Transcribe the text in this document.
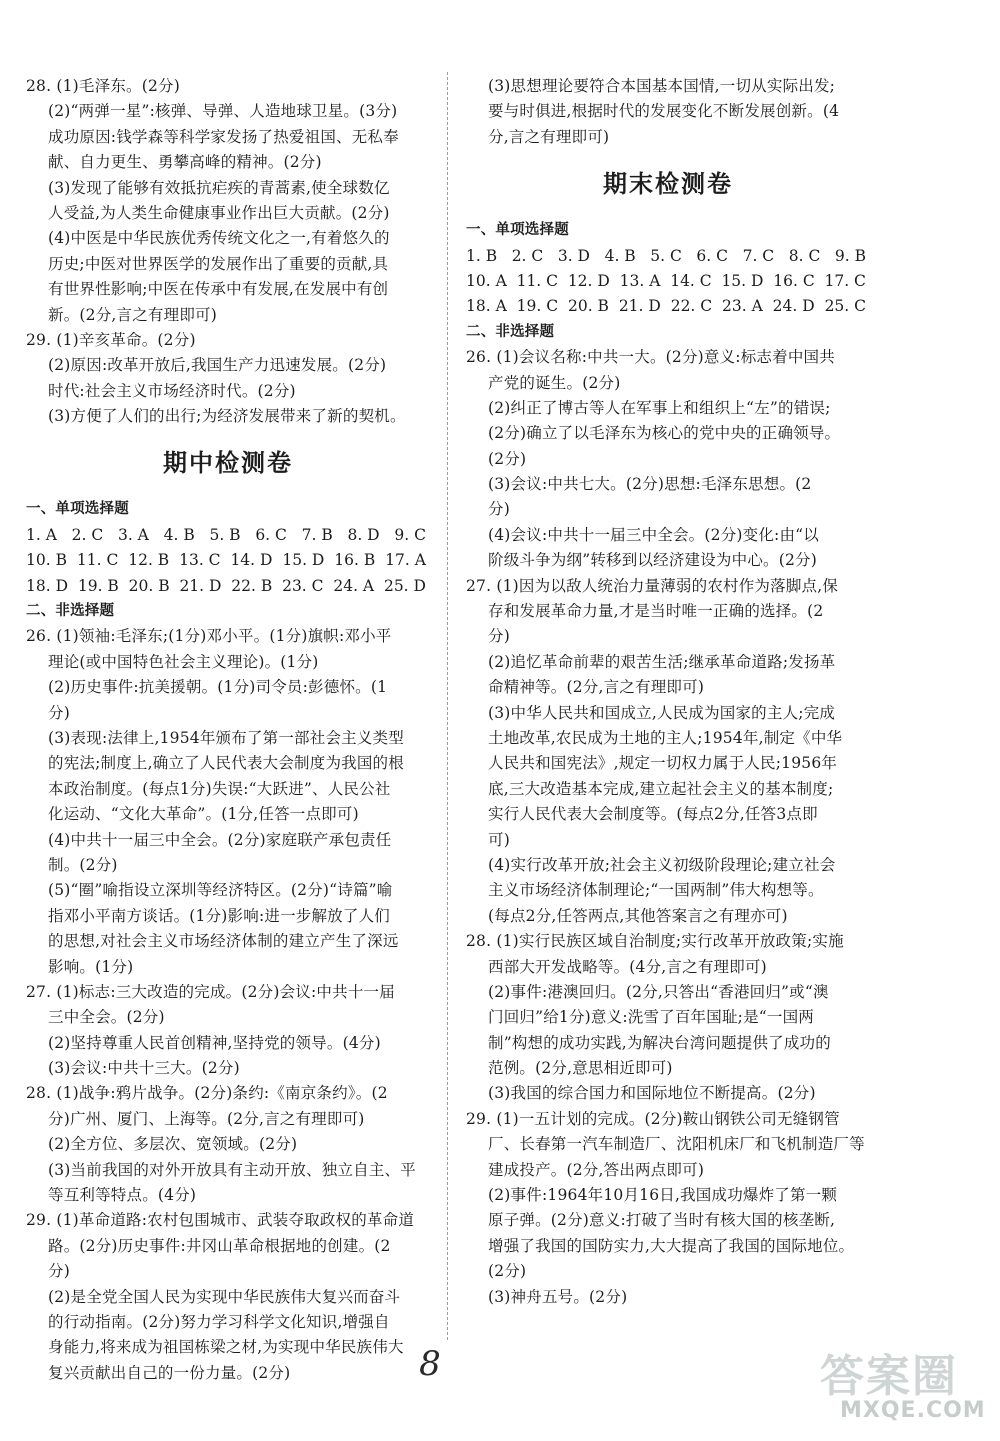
28. (1)毛泽东。(2分)
(2)“两弹一星”:核弹、导弹、人造地球卫星。(3分)
成功原因:钱学森等科学家发扬了热爱祖国、无私奉
献、自力更生、勇攀高峰的精神。(2分)
(3)发现了能够有效抵抗疟疾的青蒿素,使全球数亿
人受益,为人类生命健康事业作出巨大贡献。(2分)
(4)中医是中华民族优秀传统文化之一,有着悠久的
历史;中医对世界医学的发展作出了重要的贡献,具
有世界性影响;中医在传承中有发展,在发展中有创
新。(2分,言之有理即可)
29. (1)辛亥革命。(2分)
(2)原因:改革开放后,我国生产力迅速发展。(2分)
时代:社会主义市场经济时代。(2分)
(3)方便了人们的出行;为经济发展带来了新的契机。
期中检测卷
一、单项选择题
1. A 2. C 3. A 4. B 5. B 6. C 7. B 8. D 9. C
10. B 11. C 12. B 13. C 14. D 15. D 16. B 17. A
18. D 19. B 20. B 21. D 22. B 23. C 24. A 25. D
二、非选择题
26. (1)领袖:毛泽东;(1分)邓小平。(1分)旗帜:邓小平
理论(或中国特色社会主义理论)。(1分)
(2)历史事件:抗美援朝。(1分)司令员:彭德怀。(1
分)
(3)表现:法律上,1954年颁布了第一部社会主义类型
的宪法;制度上,确立了人民代表大会制度为我国的根
本政治制度。(每点1分)失误:“大跃进”、人民公社
化运动、“文化大革命”。(1分,任答一点即可)
(4)中共十一届三中全会。(2分)家庭联产承包责任
制。(2分)
(5)“圈”喻指设立深圳等经济特区。(2分)“诗篇”喻
指邓小平南方谈话。(1分)影响:进一步解放了人们
的思想,对社会主义市场经济体制的建立产生了深远
影响。(1分)
27. (1)标志:三大改造的完成。(2分)会议:中共十一届
三中全会。(2分)
(2)坚持尊重人民首创精神,坚持党的领导。(4分)
(3)会议:中共十三大。(2分)
28. (1)战争:鸦片战争。(2分)条约:《南京条约》。(2
分)广州、厦门、上海等。(2分,言之有理即可)
(2)全方位、多层次、宽领域。(2分)
(3)当前我国的对外开放具有主动开放、独立自主、平
等互利等特点。(4分)
29. (1)革命道路:农村包围城市、武装夺取政权的革命道
路。(2分)历史事件:井冈山革命根据地的创建。(2
分)
(2)是全党全国人民为实现中华民族伟大复兴而奋斗
的行动指南。(2分)努力学习科学文化知识,增强自
身能力,将来成为祖国栋梁之材,为实现中华民族伟大
复兴贡献出自己的一份力量。(2分)
(3)思想理论要符合本国基本国情,一切从实际出发;
要与时俱进,根据时代的发展变化不断发展创新。(4
分,言之有理即可)
期末检测卷
一、单项选择题
1. B 2. C 3. D 4. B 5. C 6. C 7. C 8. C 9. B
10. A 11. C 12. D 13. A 14. C 15. D 16. C 17. C
18. A 19. C 20. B 21. D 22. C 23. A 24. D 25. C
二、非选择题
26. (1)会议名称:中共一大。(2分)意义:标志着中国共
产党的诞生。(2分)
(2)纠正了博古等人在军事上和组织上“左”的错误;
(2分)确立了以毛泽东为核心的党中央的正确领导。
(2分)
(3)会议:中共七大。(2分)思想:毛泽东思想。(2
分)
(4)会议:中共十一届三中全会。(2分)变化:由“以
阶级斗争为纲”转移到以经济建设为中心。(2分)
27. (1)因为以敌人统治力量薄弱的农村作为落脚点,保
存和发展革命力量,才是当时唯一正确的选择。(2
分)
(2)追忆革命前辈的艰苦生活;继承革命道路;发扬革
命精神等。(2分,言之有理即可)
(3)中华人民共和国成立,人民成为国家的主人;完成
土地改革,农民成为土地的主人;1954年,制定《中华
人民共和国宪法》,规定一切权力属于人民;1956年
底,三大改造基本完成,建立起社会主义的基本制度;
实行人民代表大会制度等。(每点2分,任答3点即
可)
(4)实行改革开放;社会主义初级阶段理论;建立社会
主义市场经济体制理论;“一国两制”伟大构想等。
(每点2分,任答两点,其他答案言之有理亦可)
28. (1)实行民族区域自治制度;实行改革开放政策;实施
西部大开发战略等。(4分,言之有理即可)
(2)事件:港澳回归。(2分,只答出“香港回归”或“澳
门回归”给1分)意义:洗雪了百年国耻;是“一国两
制”构想的成功实践,为解决台湾问题提供了成功的
范例。(2分,意思相近即可)
(3)我国的综合国力和国际地位不断提高。(2分)
29. (1)一五计划的完成。(2分)鞍山钢铁公司无缝钢管
厂、长春第一汽车制造厂、沈阳机床厂和飞机制造厂等
建成投产。(2分,答出两点即可)
(2)事件:1964年10月16日,我国成功爆炸了第一颗
原子弹。(2分)意义:打破了当时有核大国的核垄断,
增强了我国的国防实力,大大提高了我国的国际地位。
(2分)
(3)神舟五号。(2分)
8	答案圈
MXQE.COM
